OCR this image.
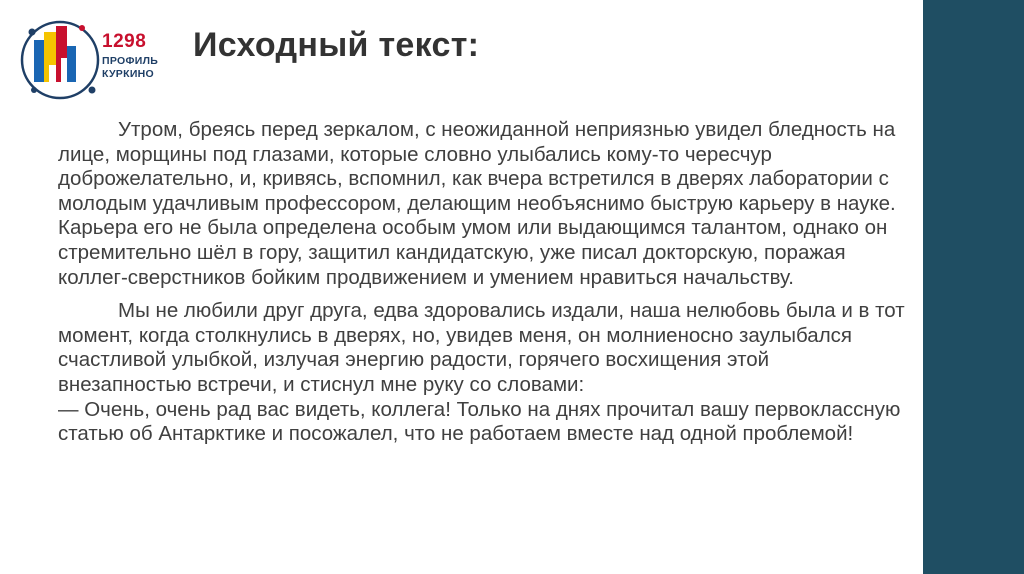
1298
ПРОФИЛЬ
КУРКИНО
Исходный текст:

Утром, бреясь перед зеркалом, с неожиданной неприязнью увидел бледность на лице, морщины под глазами, которые словно улыбались кому-то чересчур доброжелательно, и, кривясь, вспомнил, как вчера встретился в дверях лаборатории с молодым удачливым профессором, делающим необъяснимо быструю карьеру в науке. Карьера его не была определена особым умом или выдающимся талантом, однако он стремительно шёл в гору, защитил кандидатскую, уже писал докторскую, поражая коллег-сверстников бойким продвижением и умением нравиться начальству.

Мы не любили друг друга, едва здоровались издали, наша нелюбовь была и в тот момент, когда столкнулись в дверях, но, увидев меня, он молниеносно заулыбался счастливой улыбкой, излучая энергию радости, горячего восхищения этой внезапностью встречи, и стиснул мне руку со словами:

— Очень, очень рад вас видеть, коллега! Только на днях прочитал вашу первоклассную статью об Антарктике и посожалел, что не работаем вместе над одной проблемой!
